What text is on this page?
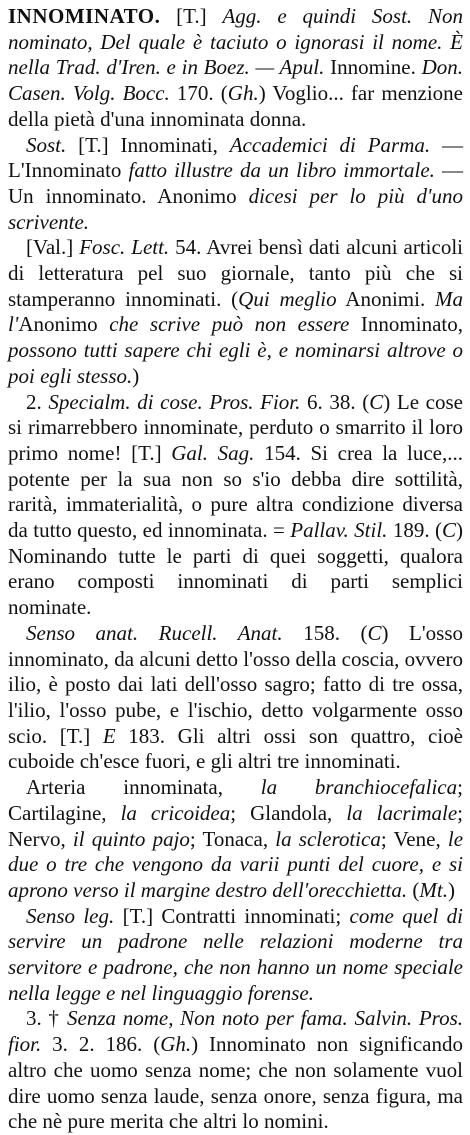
INNOMINATO. [T.] Agg. e quindi Sost. Non nominato, Del quale è taciuto o ignorasi il nome. È nella Trad. d'Iren. e in Boez. — Apul. Innomine. Don. Casen. Volg. Bocc. 170. (Gh.) Voglio... far menzione della pietà d'una innominata donna.

Sost. [T.] Innominati, Accademici di Parma. — L'Innominato fatto illustre da un libro immortale. — Un innominato. Anonimo dicesi per lo più d'uno scrivente.

[Val.] Fosc. Lett. 54. Avrei bensì dati alcuni articoli di letteratura pel suo giornale, tanto più che si stamperanno innominati. (Qui meglio Anonimi. Ma l'Anonimo che scrive può non essere Innominato, possono tutti sapere chi egli è, e nominarsi altrove o poi egli stesso.)

2. Specialm. di cose. Pros. Fior. 6. 38. (C) Le cose si rimarrebbero innominate, perduto o smarrito il loro primo nome! [T.] Gal. Sag. 154. Si crea la luce,... potente per la sua non so s'io debba dire sottilità, rarità, immaterialità, o pure altra condizione diversa da tutto questo, ed innominata. = Pallav. Stil. 189. (C) Nominando tutte le parti di quei soggetti, qualora erano composti innominati di parti semplici nominate.

Senso anat. Rucell. Anat. 158. (C) L'osso innominato, da alcuni detto l'osso della coscia, ovvero ilio, è posto dai lati dell'osso sagro; fatto di tre ossa, l'ilio, l'osso pube, e l'ischio, detto volgarmente osso scio. [T.] E 183. Gli altri ossi son quattro, cioè cuboide ch'esce fuori, e gli altri tre innominati.

Arteria innominata, la branchiocefalica; Cartilagine, la cricoidea; Glandola, la lacrimale; Nervo, il quinto pajo; Tonaca, la sclerotica; Vene, le due o tre che vengono da varii punti del cuore, e si aprono verso il margine destro dell'orecchietta. (Mt.)

Senso leg. [T.] Contratti innominati; come quel di servire un padrone nelle relazioni moderne tra servitore e padrone, che non hanno un nome speciale nella legge e nel linguaggio forense.

3. † Senza nome, Non noto per fama. Salvin. Pros. fior. 3. 2. 186. (Gh.) Innominato non significando altro che uomo senza nome; che non solamente vuol dire uomo senza laude, senza onore, senza figura, ma che nè pure merita che altri lo nomini.
